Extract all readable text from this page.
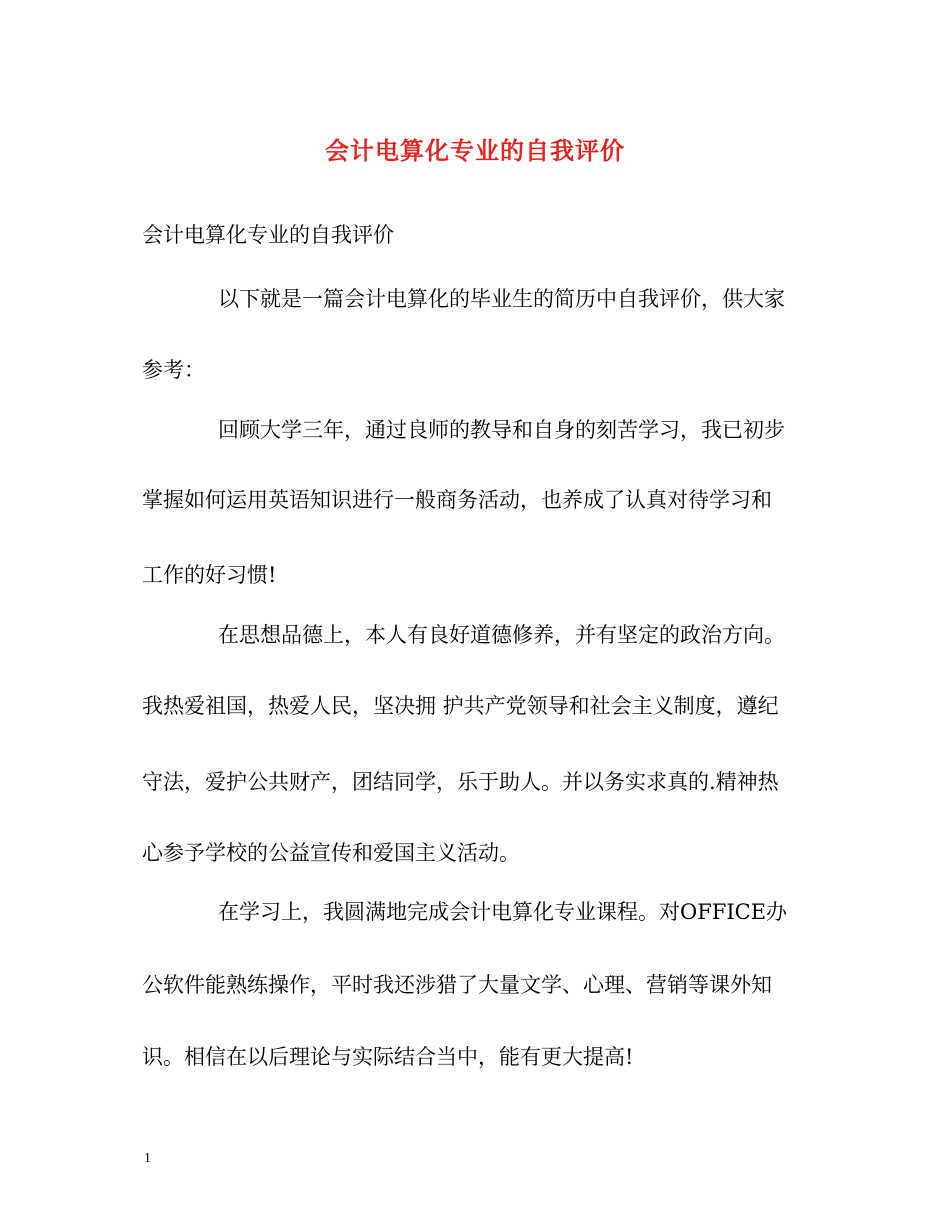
会计电算化专业的自我评价
会计电算化专业的自我评价
以下就是一篇会计电算化的毕业生的简历中自我评价，供大家
参考：
回顾大学三年，通过良师的教导和自身的刻苦学习，我已初步
掌握如何运用英语知识进行一般商务活动，也养成了认真对待学习和
工作的好习惯!
在思想品德上，本人有良好道德修养，并有坚定的政治方向。
我热爱祖国，热爱人民，坚决拥 护共产党领导和社会主义制度，遵纪
守法，爱护公共财产，团结同学，乐于助人。并以务实求真的.精神热
心参予学校的公益宣传和爱国主义活动。
在学习上，我圆满地完成会计电算化专业课程。对OFFICE办
公软件能熟练操作，平时我还涉猎了大量文学、心理、营销等课外知
识。相信在以后理论与实际结合当中，能有更大提高!
1
